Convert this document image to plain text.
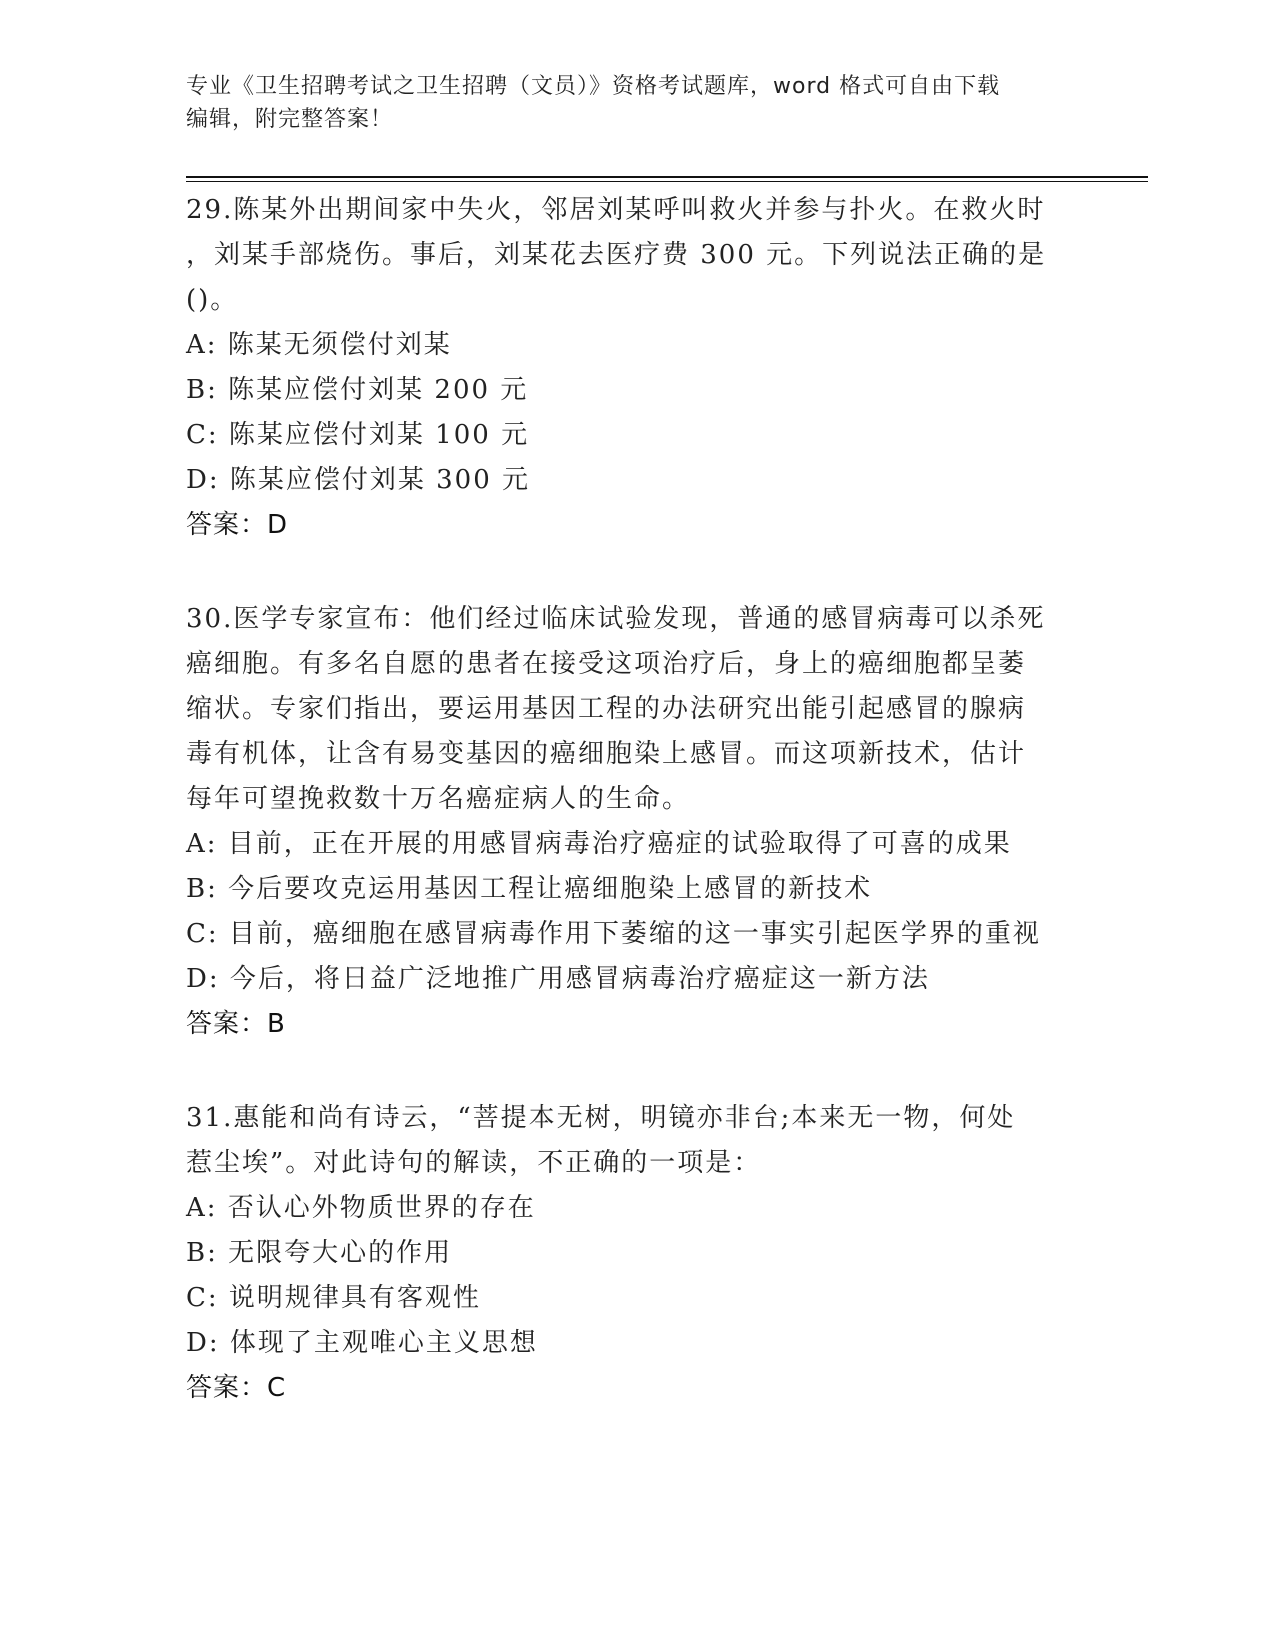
专业《卫生招聘考试之卫生招聘（文员）》资格考试题库，word 格式可自由下载
编辑，附完整答案！

29.陈某外出期间家中失火，邻居刘某呼叫救火并参与扑火。在救火时

，刘某手部烧伤。事后，刘某花去医疗费 300 元。下列说法正确的是

()。

A: 陈某无须偿付刘某

B: 陈某应偿付刘某 200 元

C: 陈某应偿付刘某 100 元

D: 陈某应偿付刘某 300 元

答案：D

30.医学专家宣布：他们经过临床试验发现，普通的感冒病毒可以杀死

癌细胞。有多名自愿的患者在接受这项治疗后，身上的癌细胞都呈萎

缩状。专家们指出，要运用基因工程的办法研究出能引起感冒的腺病

毒有机体，让含有易变基因的癌细胞染上感冒。而这项新技术，估计

每年可望挽救数十万名癌症病人的生命。

A: 目前，正在开展的用感冒病毒治疗癌症的试验取得了可喜的成果

B: 今后要攻克运用基因工程让癌细胞染上感冒的新技术

C: 目前，癌细胞在感冒病毒作用下萎缩的这一事实引起医学界的重视

D: 今后，将日益广泛地推广用感冒病毒治疗癌症这一新方法

答案：B

31.惠能和尚有诗云，“菩提本无树，明镜亦非台;本来无一物，何处

惹尘埃”。对此诗句的解读，不正确的一项是：

A: 否认心外物质世界的存在

B: 无限夸大心的作用

C: 说明规律具有客观性

D: 体现了主观唯心主义思想

答案：C
